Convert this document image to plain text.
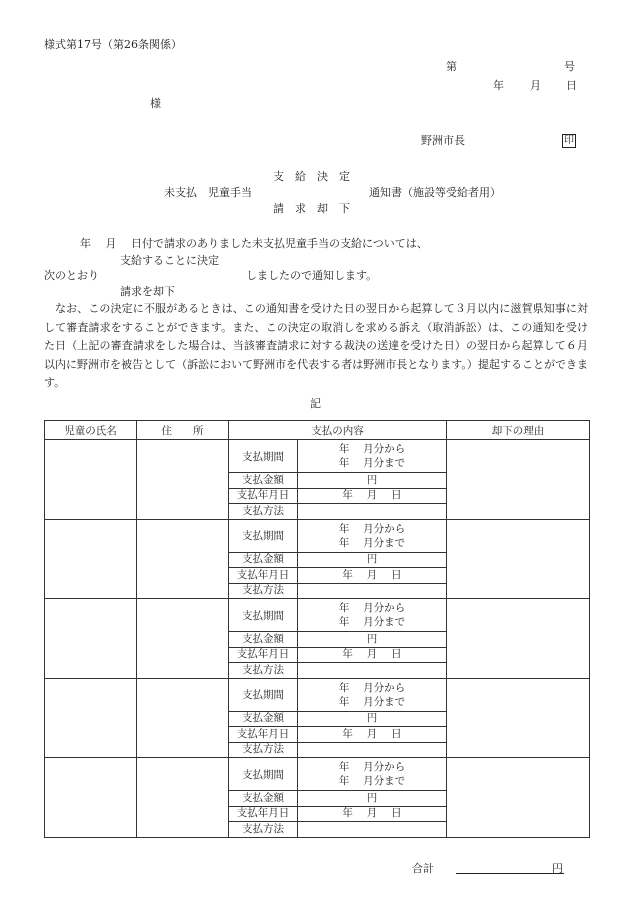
様式第17号（第26条関係）
第	号
年 月 日
様
野洲市長	印
支　給　決　定
未支払　児童手当	通知書（施設等受給者用）
請　求　却　下
年　 月　 日付で請求のありました未支払児童手当の支給については、
支給することに決定
次のとおり	しましたので通知します。
請求を却下
なお、この決定に不服があるときは、この通知書を受けた日の翌日から起算して３月以内に滋賀県知事に対して審査請求をすることができます。また、この決定の取消しを求める訴え（取消訴訟）は、この通知を受けた日（上記の審査請求をした場合は、当該審査請求に対する裁決の送達を受けた日）の翌日から起算して６月以内に野洲市を被告として（訴訟において野洲市を代表する者は野洲市長となります。）提起することができます。
記
児童の氏名	住　　所	支払の内容		却下の理由
		支払期間	年　 月分から
年　 月分まで	

		支払金額	円	
		支払年月日	年　 月　 日	
		支払方法		
		支払期間	年　 月分から
年　 月分まで	

		支払金額	円	
		支払年月日	年　 月　 日	
		支払方法		
		支払期間	年　 月分から
年　 月分まで	

		支払金額	円	
		支払年月日	年　 月　 日	
		支払方法		
		支払期間	年　 月分から
年　 月分まで	

		支払金額	円	
		支払年月日	年　 月　 日	
		支払方法		
		支払期間	年　 月分から
年　 月分まで	

		支払金額	円	
		支払年月日	年　 月　 日	
		支払方法		
合計	円
